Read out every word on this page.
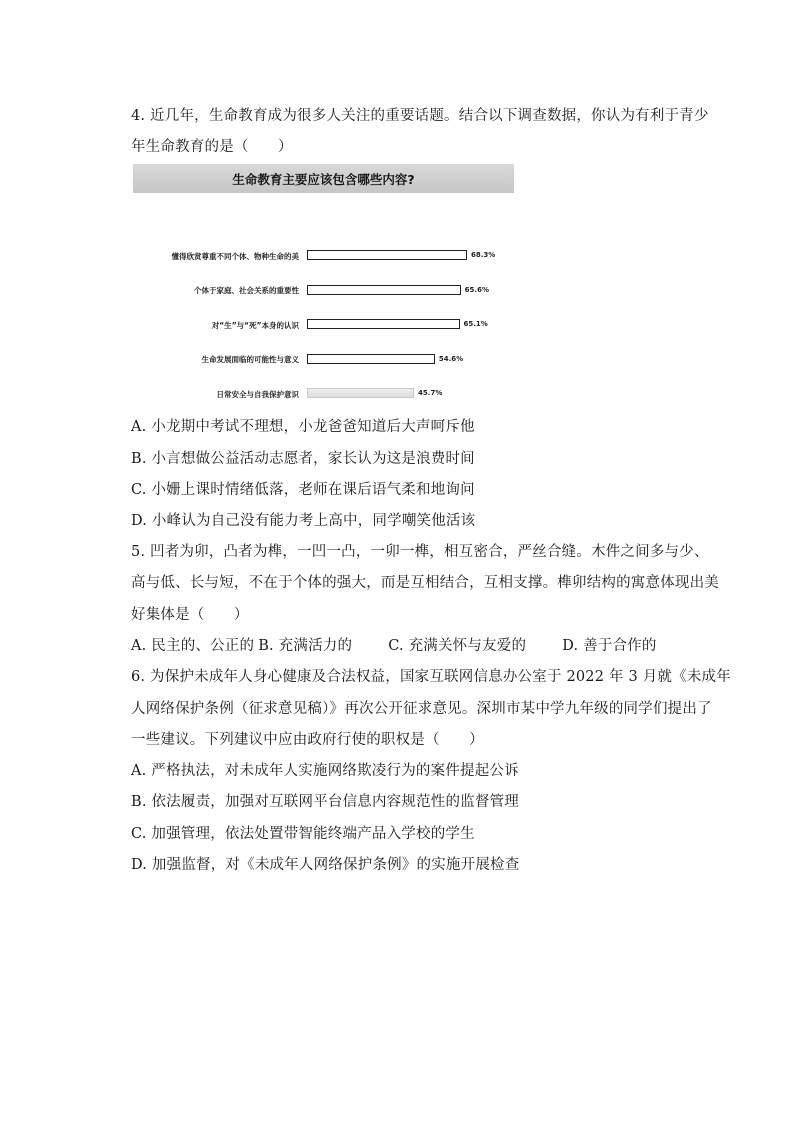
4. 近几年，生命教育成为很多人关注的重要话题。结合以下调查数据，你认为有利于青少
年生命教育的是（　　）
生命教育主要应该包含哪些内容?
懂得欣赏尊重不同个体、物种生命的美	68.3%
个体于家庭、社会关系的重要性	65.6%
对“生”与“死”本身的认识	65.1%
生命发展面临的可能性与意义	54.6%
日常安全与自我保护意识	45.7%
A. 小龙期中考试不理想，小龙爸爸知道后大声呵斥他
B. 小言想做公益活动志愿者，家长认为这是浪费时间
C. 小姗上课时情绪低落，老师在课后语气柔和地询问
D. 小峰认为自己没有能力考上高中，同学嘲笑他活该
5. 凹者为卯，凸者为榫，一凹一凸，一卯一榫，相互密合，严丝合缝。木件之间多与少、
高与低、长与短，不在于个体的强大，而是互相结合，互相支撑。榫卯结构的寓意体现出美
好集体是（　　）
A. 民主的、公正的 B. 充满活力的 C. 充满关怀与友爱的 D. 善于合作的
6. 为保护未成年人身心健康及合法权益，国家互联网信息办公室于 2022 年 3 月就《未成年
人网络保护条例（征求意见稿）》再次公开征求意见。深圳市某中学九年级的同学们提出了
一些建议。下列建议中应由政府行使的职权是（　　）
A. 严格执法，对未成年人实施网络欺凌行为的案件提起公诉
B. 依法履责，加强对互联网平台信息内容规范性的监督管理
C. 加强管理，依法处置带智能终端产品入学校的学生
D. 加强监督，对《未成年人网络保护条例》的实施开展检查
